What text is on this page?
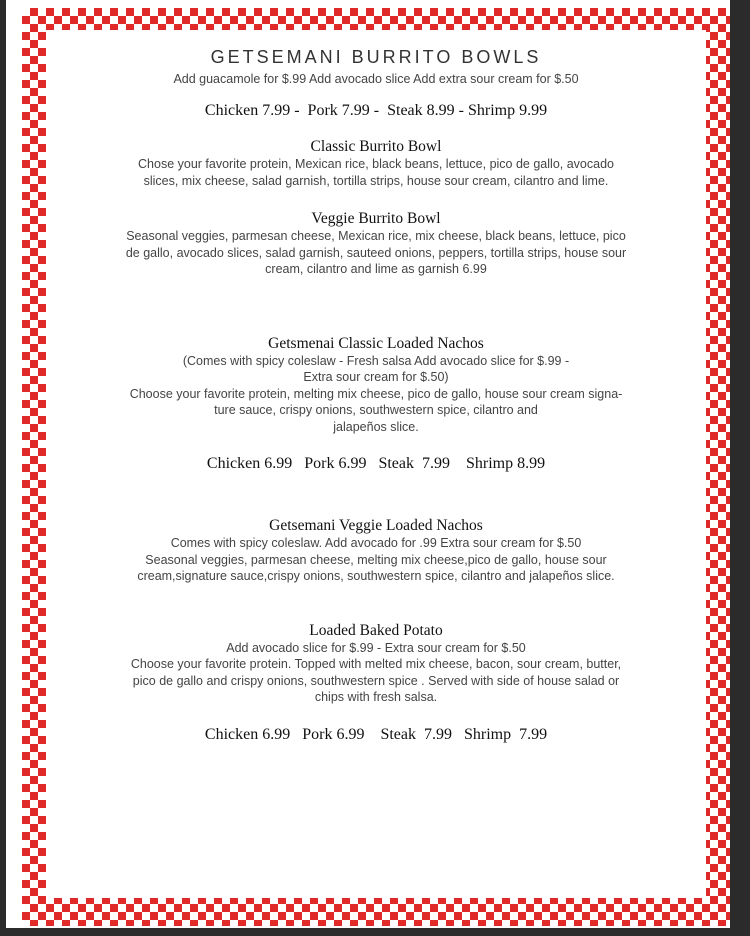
GETSEMANI BURRITO BOWLS

Add guacamole for $.99 Add avocado slice Add extra sour cream for $.50

Chicken 7.99 -  Pork 7.99 -  Steak 8.99 - Shrimp 9.99

Classic Burrito Bowl

Chose your favorite protein, Mexican rice, black beans, lettuce, pico de gallo, avocado
slices, mix cheese, salad garnish, tortilla strips, house sour cream, cilantro and lime.

Veggie Burrito Bowl

Seasonal veggies, parmesan cheese, Mexican rice, mix cheese, black beans, lettuce, pico
de gallo, avocado slices, salad garnish, sauteed onions, peppers, tortilla strips, house sour
cream, cilantro and lime as garnish 6.99

Getsmenai Classic Loaded Nachos

(Comes with spicy coleslaw - Fresh salsa Add avocado slice for $.99 -
Extra sour cream for $.50)
Choose your favorite protein, melting mix cheese, pico de gallo, house sour cream signa-
ture sauce, crispy onions, southwestern spice, cilantro and
jalapeños slice.

Chicken 6.99   Pork 6.99   Steak  7.99    Shrimp 8.99

Getsemani Veggie Loaded Nachos

Comes with spicy coleslaw. Add avocado for .99 Extra sour cream for $.50
Seasonal veggies, parmesan cheese, melting mix cheese,pico de gallo, house sour
cream,signature sauce,crispy onions, southwestern spice, cilantro and jalapeños slice.

Loaded Baked Potato

Add avocado slice for $.99 - Extra sour cream for $.50
Choose your favorite protein. Topped with melted mix cheese, bacon, sour cream, butter,
pico de gallo and crispy onions, southwestern spice . Served with side of house salad or
chips with fresh salsa.

Chicken 6.99   Pork 6.99    Steak  7.99   Shrimp  7.99
